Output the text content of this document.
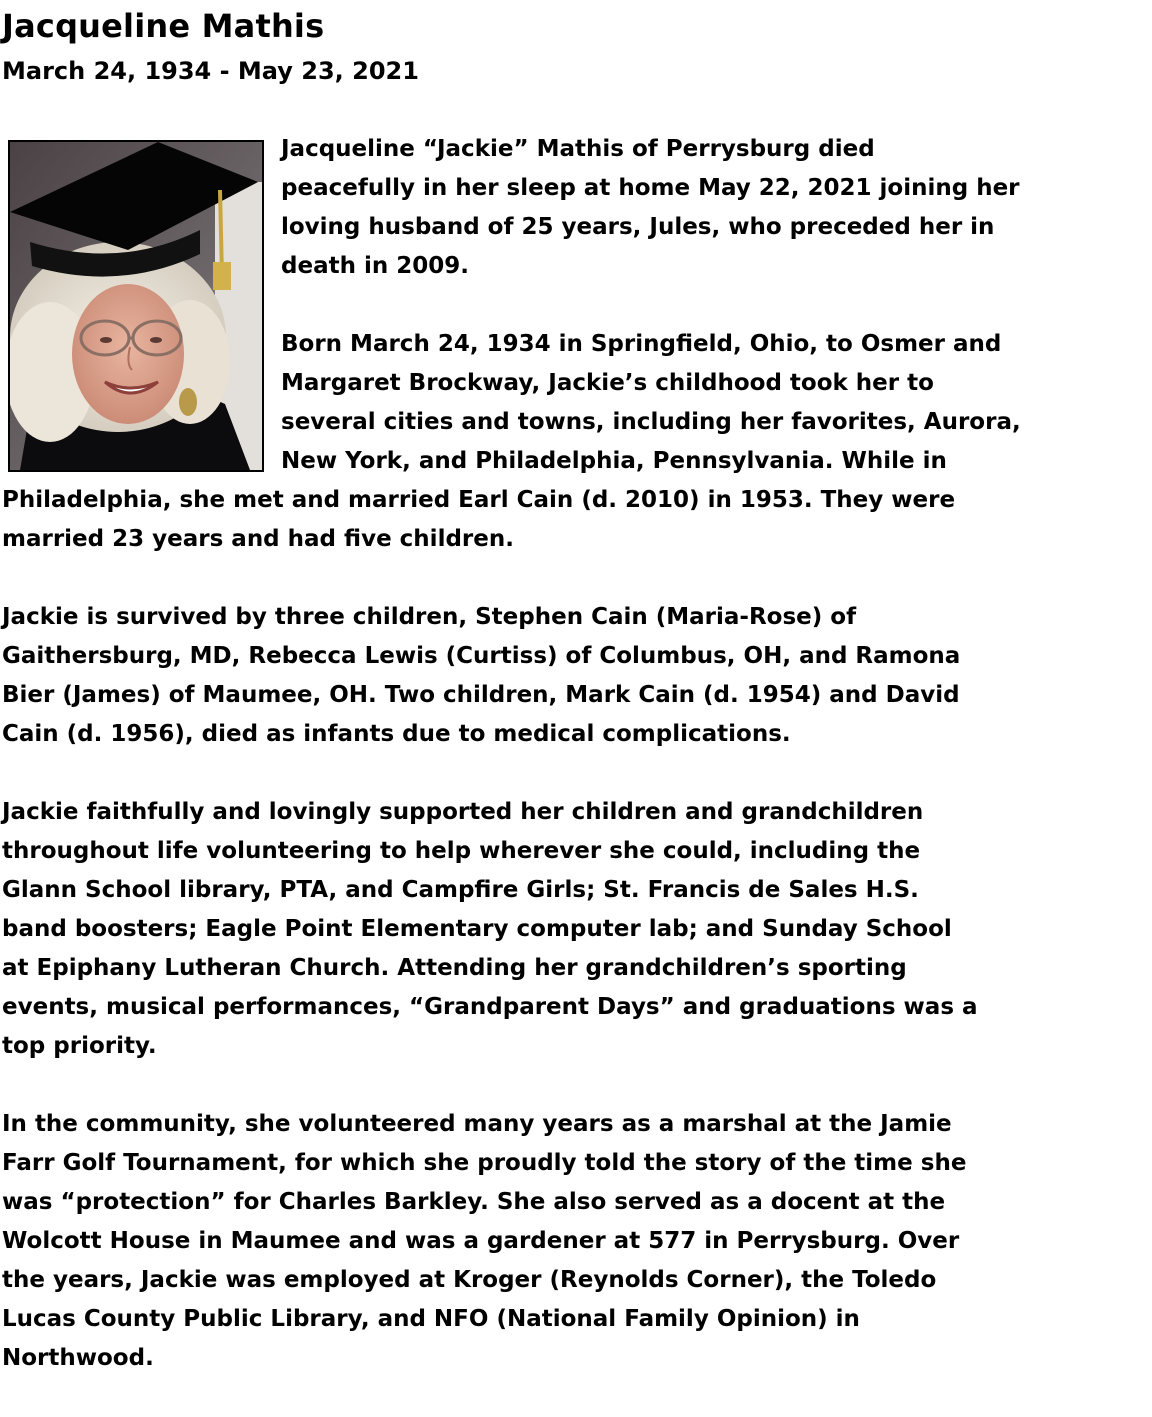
Jacqueline Mathis
March 24, 1934 - May 23, 2021

Jacqueline “Jackie” Mathis of Perrysburg died
peacefully in her sleep at home May 22, 2021 joining her
loving husband of 25 years, Jules, who preceded her in
death in 2009.

Born March 24, 1934 in Springfield, Ohio, to Osmer and
Margaret Brockway, Jackie’s childhood took her to
several cities and towns, including her favorites, Aurora,
New York, and Philadelphia, Pennsylvania. While in
Philadelphia, she met and married Earl Cain (d. 2010) in 1953. They were
married 23 years and had five children.

Jackie is survived by three children, Stephen Cain (Maria-Rose) of
Gaithersburg, MD, Rebecca Lewis (Curtiss) of Columbus, OH, and Ramona
Bier (James) of Maumee, OH. Two children, Mark Cain (d. 1954) and David
Cain (d. 1956), died as infants due to medical complications.

Jackie faithfully and lovingly supported her children and grandchildren
throughout life volunteering to help wherever she could, including the
Glann School library, PTA, and Campfire Girls; St. Francis de Sales H.S.
band boosters; Eagle Point Elementary computer lab; and Sunday School
at Epiphany Lutheran Church. Attending her grandchildren’s sporting
events, musical performances, “Grandparent Days” and graduations was a
top priority.

In the community, she volunteered many years as a marshal at the Jamie
Farr Golf Tournament, for which she proudly told the story of the time she
was “protection” for Charles Barkley. She also served as a docent at the
Wolcott House in Maumee and was a gardener at 577 in Perrysburg. Over
the years, Jackie was employed at Kroger (Reynolds Corner), the Toledo
Lucas County Public Library, and NFO (National Family Opinion) in
Northwood.
